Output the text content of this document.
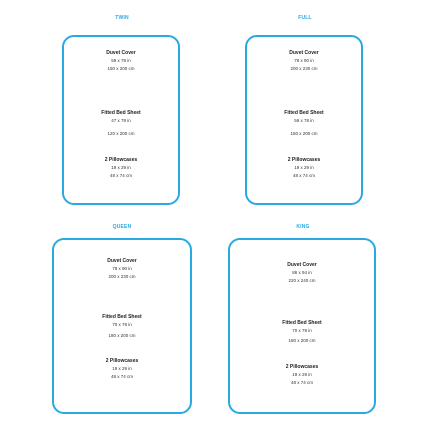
TWIN
Duvet Cover
59 x 78 in
150 x 200 cm
Fitted Bed Sheet
47 x 78 in
120 x 200 cm
2 Pillowcases
19 x 29 in
48 x 74 cm
FULL
Duvet Cover
78 x 90 in
200 x 230 cm
Fitted Bed Sheet
59 x 78 in
150 x 200 cm
2 Pillowcases
19 x 29 in
48 x 74 cm
QUEEN
Duvet Cover
78 x 90 in
200 x 230 cm
Fitted Bed Sheet
70 x 78 in
180 x 200 cm
2 Pillowcases
19 x 29 in
48 x 74 cm
KING
Duvet Cover
86 x 94 in
220 x 240 cm
Fitted Bed Sheet
70 x 78 in
180 x 200 cm
2 Pillowcases
19 x 29 in
48 x 74 cm
